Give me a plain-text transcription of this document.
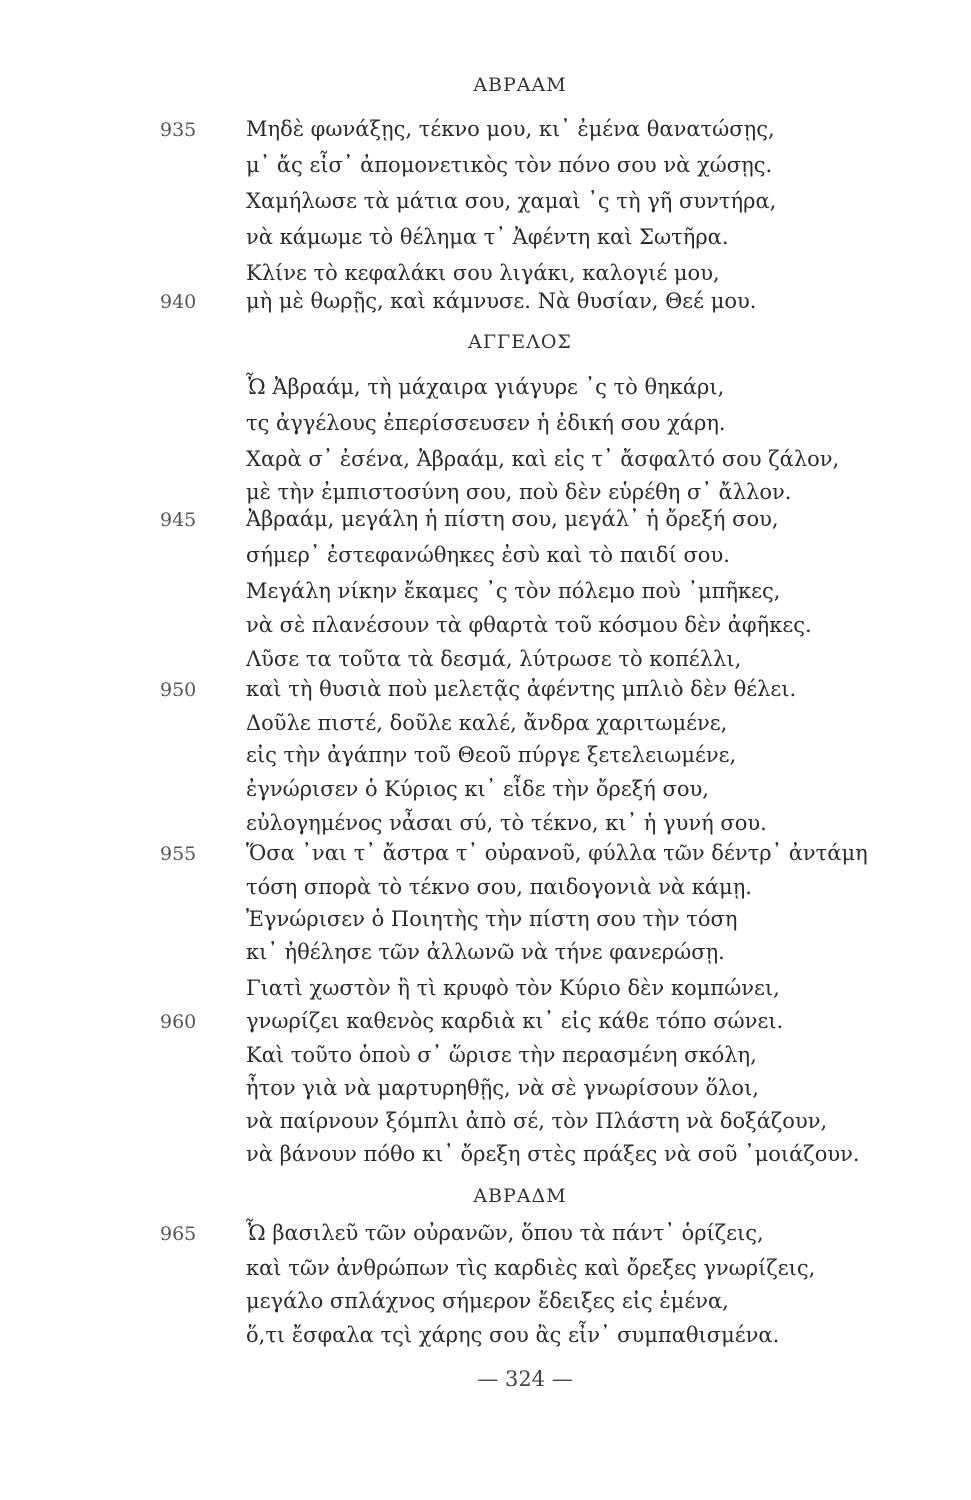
ΑΒΡΑΑΜ
935 Μηδὲ φωνάξῃς, τέκνο μου, κι᾽ ἐμένα θανατώσῃς,
μ᾽ ἄς εἶσ᾽ ἀπομονετικὸς τὸν πόνο σου νὰ χώσῃς.
Χαμήλωσε τὰ μάτια σου, χαμαὶ ᾽ς τὴ γῆ συντήρα,
νὰ κάμωμε τὸ θέλημα τ᾽ Ἀφέντη καὶ Σωτῆρα.
Κλίνε τὸ κεφαλάκι σου λιγάκι, καλογιέ μου,
940 μὴ μὲ θωρῇς, καὶ κάμνυσε. Νὰ θυσίαν, Θεέ μου.
ΑΓΓΕΛΟΣ
Ὦ Ἀβραάμ, τὴ μάχαιρα γιάγυρε ᾽ς τὸ θηκάρι,
τς ἀγγέλους ἐπερίσσευσεν ἡ ἐδική σου χάρη.
Χαρὰ σ᾽ ἐσένα, Ἀβραάμ, καὶ εἰς τ᾽ ἄσφαλτό σου ζάλον,
μὲ τὴν ἐμπιστοσύνη σου, ποὺ δὲν εὑρέθη σ᾽ ἄλλον.
945 Ἀβραάμ, μεγάλη ἡ πίστη σου, μεγάλ᾽ ἡ ὄρεξή σου,
σήμερ᾽ ἐστεφανώθηκες ἐσὺ καὶ τὸ παιδί σου.
Μεγάλη νίκην ἔκαμες ᾽ς τὸν πόλεμο ποὺ ᾽μπῆκες,
νὰ σὲ πλανέσουν τὰ φθαρτὰ τοῦ κόσμου δὲν ἀφῆκες.
Λῦσε τα τοῦτα τὰ δεσμά, λύτρωσε τὸ κοπέλλι,
950 καὶ τὴ θυσιὰ ποὺ μελετᾷς ἀφέντης μπλιὸ δὲν θέλει.
Δοῦλε πιστέ, δοῦλε καλέ, ἄνδρα χαριτωμένε,
εἰς τὴν ἀγάπην τοῦ Θεοῦ πύργε ξετελειωμένε,
ἐγνώρισεν ὁ Κύριος κι᾽ εἶδε τὴν ὄρεξή σου,
εὐλογημένος νἆσαι σύ, τὸ τέκνο, κι᾽ ἡ γυνή σου.
955 Ὅσα ᾽ναι τ᾽ ἄστρα τ᾽ οὐρανοῦ, φύλλα τῶν δέντρ᾽ ἀντάμη
τόση σπορὰ τὸ τέκνο σου, παιδογονιὰ νὰ κάμῃ.
Ἐγνώρισεν ὁ Ποιητὴς τὴν πίστη σου τὴν τόση
κι᾽ ἠθέλησε τῶν ἀλλωνῶ νὰ τήνε φανερώσῃ.
Γιατὶ χωστὸν ἢ τὶ κρυφὸ τὸν Κύριο δὲν κομπώνει,
960 γνωρίζει καθενὸς καρδιὰ κι᾽ εἰς κάθε τόπο σώνει.
Καὶ τοῦτο ὁποὺ σ᾽ ὥρισε τὴν περασμένη σκόλη,
ἦτον γιὰ νὰ μαρτυρηθῇς, νὰ σὲ γνωρίσουν ὅλοι,
νὰ παίρνουν ξόμπλι ἀπὸ σέ, τὸν Πλάστη νὰ δοξάζουν,
νὰ βάνουν πόθο κι᾽ ὄρεξη στὲς πράξες νὰ σοῦ ᾽μοιάζουν.
ΑΒΡΑΔΜ
965 Ὦ βασιλεῦ τῶν οὐρανῶν, ὅπου τὰ πάντ᾽ ὁρίζεις,
καὶ τῶν ἀνθρώπων τὶς καρδιὲς καὶ ὄρεξες γνωρίζεις,
μεγάλο σπλάχνος σήμερον ἔδειξες εἰς ἐμένα,
ὅ,τι ἔσφαλα τςὶ χάρης σου ἂς εἶν᾽ συμπαθισμένα.
— 324 —
